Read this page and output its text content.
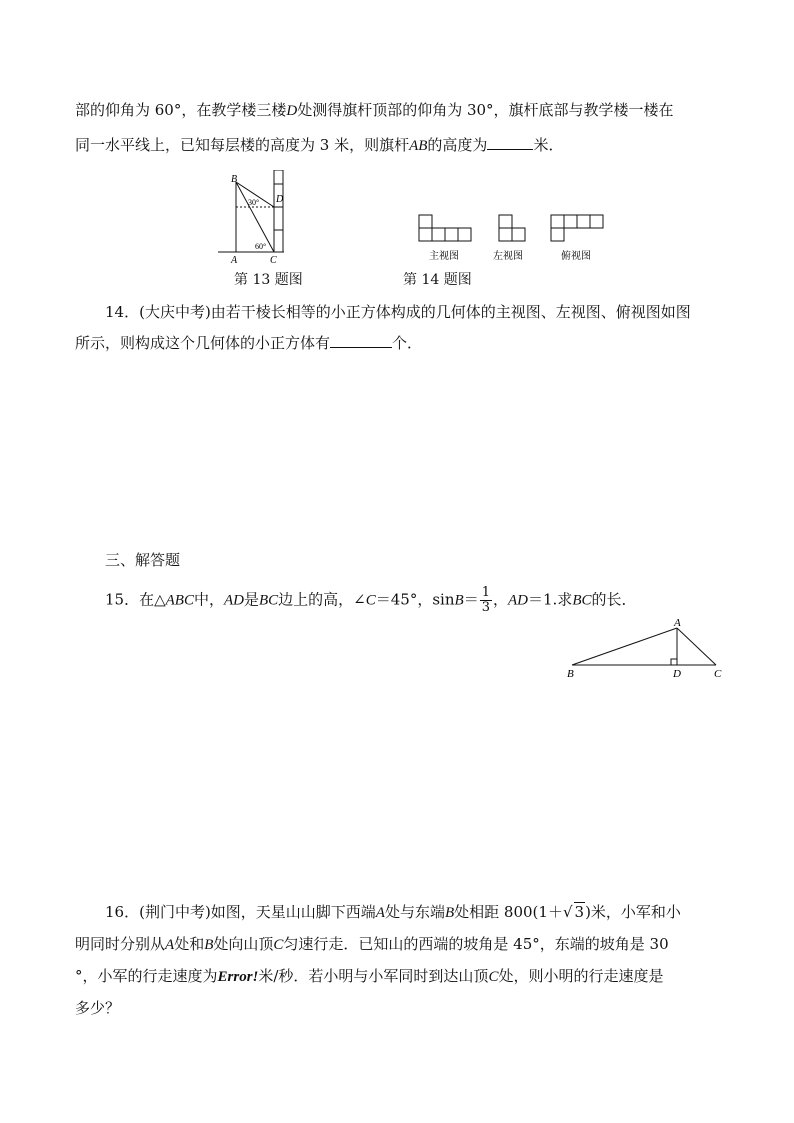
部的仰角为 60°，在教学楼三楼D处测得旗杆顶部的仰角为 30°，旗杆底部与教学楼一楼在
同一水平线上，已知每层楼的高度为 3 米，则旗杆AB的高度为	米．
B
D
A	C
30°
60°
主视图	左视图	俯视图
第 13 题图	第 14 题图
14．(大庆中考)由若干棱长相等的小正方体构成的几何体的主视图、左视图、俯视图如图
所示，则构成这个几何体的小正方体有	个．
三、解答题
15．在△ABC中，AD是BC边上的高，∠C＝45°，$\sin B= \frac{1}{3}$ ，AD＝1.求BC的长．
A
B	D	C
16．(荆门中考)如图，天星山山脚下西端A处与东端B处相距 800(1＋√ 3)米，小军和小
明同时分别从A处和B处向山顶C匀速行走．已知山的西端的坡角是 45°，东端的坡角是 30
°，小军的行走速度为Error!米/秒．若小明与小军同时到达山顶C处，则小明的行走速度是
多少？
